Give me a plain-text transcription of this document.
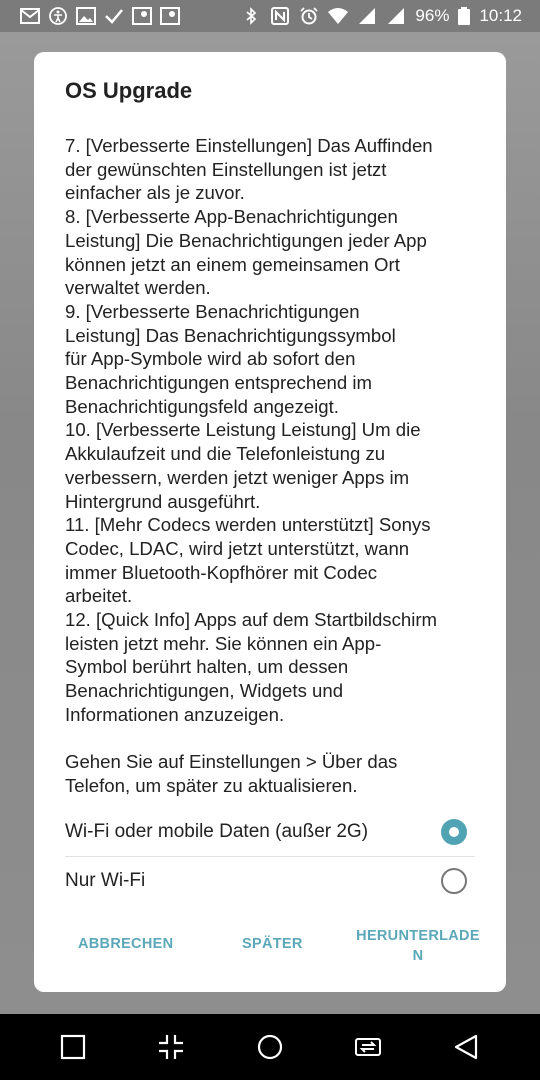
96% 10:12
OS Upgrade

7. [Verbesserte Einstellungen] Das Auffinden

der gewünschten Einstellungen ist jetzt

einfacher als je zuvor.

8. [Verbesserte App-Benachrichtigungen

Leistung] Die Benachrichtigungen jeder App

können jetzt an einem gemeinsamen Ort

verwaltet werden.

9. [Verbesserte Benachrichtigungen

Leistung] Das Benachrichtigungssymbol

für App-Symbole wird ab sofort den

Benachrichtigungen entsprechend im

Benachrichtigungsfeld angezeigt.

10. [Verbesserte Leistung Leistung] Um die

Akkulaufzeit und die Telefonleistung zu

verbessern, werden jetzt weniger Apps im

Hintergrund ausgeführt.

11. [Mehr Codecs werden unterstützt] Sonys

Codec, LDAC, wird jetzt unterstützt, wann

immer Bluetooth-Kopfhörer mit Codec

arbeitet.

12. [Quick Info] Apps auf dem Startbildschirm

leisten jetzt mehr. Sie können ein App-

Symbol berührt halten, um dessen

Benachrichtigungen, Widgets und

Informationen anzuzeigen.

Gehen Sie auf Einstellungen > Über das

Telefon, um später zu aktualisieren.

Wi-Fi oder mobile Daten (außer 2G)
Nur Wi-Fi
ABBRECHEN	SPÄTER	HERUNTERLADEN
